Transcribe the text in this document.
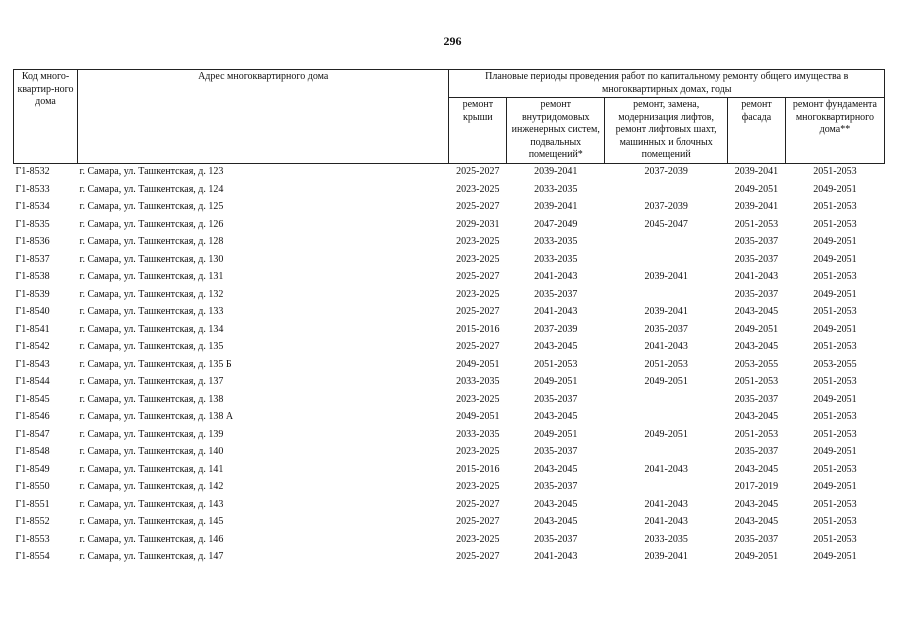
296
Код много-квартир-ного дома	Адрес многоквартирного дома	Плановые периоды проведения работ по капитальному ремонту общего имущества в многоквартирных домах, годы				
		ремонт крыши	ремонт внутридомовых инженерных систем, подвальных помещений*	ремонт, замена, модернизация лифтов, ремонт лифтовых шахт, машинных и блочных помещений	ремонт фасада	ремонт фундамента многоквартирного дома**
Г1-8532	г. Самара, ул. Ташкентская, д. 123	2025-2027	2039-2041	2037-2039	2039-2041	2051-2053
Г1-8533	г. Самара, ул. Ташкентская, д. 124	2023-2025	2033-2035		2049-2051	2049-2051
Г1-8534	г. Самара, ул. Ташкентская, д. 125	2025-2027	2039-2041	2037-2039	2039-2041	2051-2053
Г1-8535	г. Самара, ул. Ташкентская, д. 126	2029-2031	2047-2049	2045-2047	2051-2053	2051-2053
Г1-8536	г. Самара, ул. Ташкентская, д. 128	2023-2025	2033-2035		2035-2037	2049-2051
Г1-8537	г. Самара, ул. Ташкентская, д. 130	2023-2025	2033-2035		2035-2037	2049-2051
Г1-8538	г. Самара, ул. Ташкентская, д. 131	2025-2027	2041-2043	2039-2041	2041-2043	2051-2053
Г1-8539	г. Самара, ул. Ташкентская, д. 132	2023-2025	2035-2037		2035-2037	2049-2051
Г1-8540	г. Самара, ул. Ташкентская, д. 133	2025-2027	2041-2043	2039-2041	2043-2045	2051-2053
Г1-8541	г. Самара, ул. Ташкентская, д. 134	2015-2016	2037-2039	2035-2037	2049-2051	2049-2051
Г1-8542	г. Самара, ул. Ташкентская, д. 135	2025-2027	2043-2045	2041-2043	2043-2045	2051-2053
Г1-8543	г. Самара, ул. Ташкентская, д. 135 Б	2049-2051	2051-2053	2051-2053	2053-2055	2053-2055
Г1-8544	г. Самара, ул. Ташкентская, д. 137	2033-2035	2049-2051	2049-2051	2051-2053	2051-2053
Г1-8545	г. Самара, ул. Ташкентская, д. 138	2023-2025	2035-2037		2035-2037	2049-2051
Г1-8546	г. Самара, ул. Ташкентская, д. 138 А	2049-2051	2043-2045		2043-2045	2051-2053
Г1-8547	г. Самара, ул. Ташкентская, д. 139	2033-2035	2049-2051	2049-2051	2051-2053	2051-2053
Г1-8548	г. Самара, ул. Ташкентская, д. 140	2023-2025	2035-2037		2035-2037	2049-2051
Г1-8549	г. Самара, ул. Ташкентская, д. 141	2015-2016	2043-2045	2041-2043	2043-2045	2051-2053
Г1-8550	г. Самара, ул. Ташкентская, д. 142	2023-2025	2035-2037		2017-2019	2049-2051
Г1-8551	г. Самара, ул. Ташкентская, д. 143	2025-2027	2043-2045	2041-2043	2043-2045	2051-2053
Г1-8552	г. Самара, ул. Ташкентская, д. 145	2025-2027	2043-2045	2041-2043	2043-2045	2051-2053
Г1-8553	г. Самара, ул. Ташкентская, д. 146	2023-2025	2035-2037	2033-2035	2035-2037	2051-2053
Г1-8554	г. Самара, ул. Ташкентская, д. 147	2025-2027	2041-2043	2039-2041	2049-2051	2049-2051
